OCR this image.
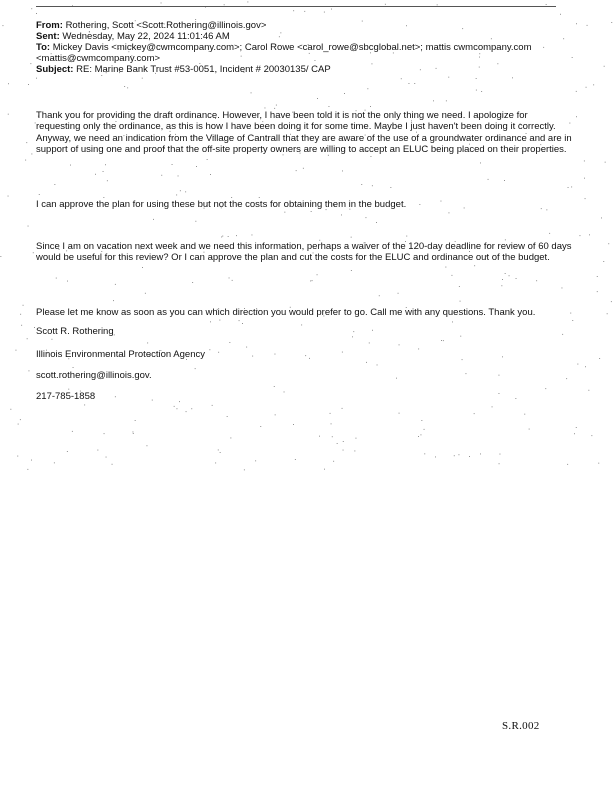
From: Rothering, Scott <Scott.Rothering@illinois.gov>
Sent: Wednesday, May 22, 2024 11:01:46 AM
To: Mickey Davis <mickey@cwmcompany.com>; Carol Rowe <carol_rowe@sbcglobal.net>; mattis cwmcompany.com
<mattis@cwmcompany.com>
Subject: RE: Marine Bank Trust #53-0051, Incident # 20030135/ CAP
Thank you for providing the draft ordinance. However, I have been told it is not the only thing we need. I apologize for requesting only the ordinance, as this is how I have been doing it for some time. Maybe I just haven't been doing it correctly. Anyway, we need an indication from the Village of Cantrall that they are aware of the use of a groundwater ordinance and are in support of using one and proof that the off-site property owners are willing to accept an ELUC being placed on their properties.
I can approve the plan for using these but not the costs for obtaining them in the budget.
Since I am on vacation next week and we need this information, perhaps a waiver of the 120-day deadline for review of 60 days would be useful for this review? Or I can approve the plan and cut the costs for the ELUC and ordinance out of the budget.
Please let me know as soon as you can which direction you would prefer to go. Call me with any questions. Thank you.
Scott R. Rothering
Illinois Environmental Protection Agency
scott.rothering@illinois.gov.
217-785-1858
S.R.002
